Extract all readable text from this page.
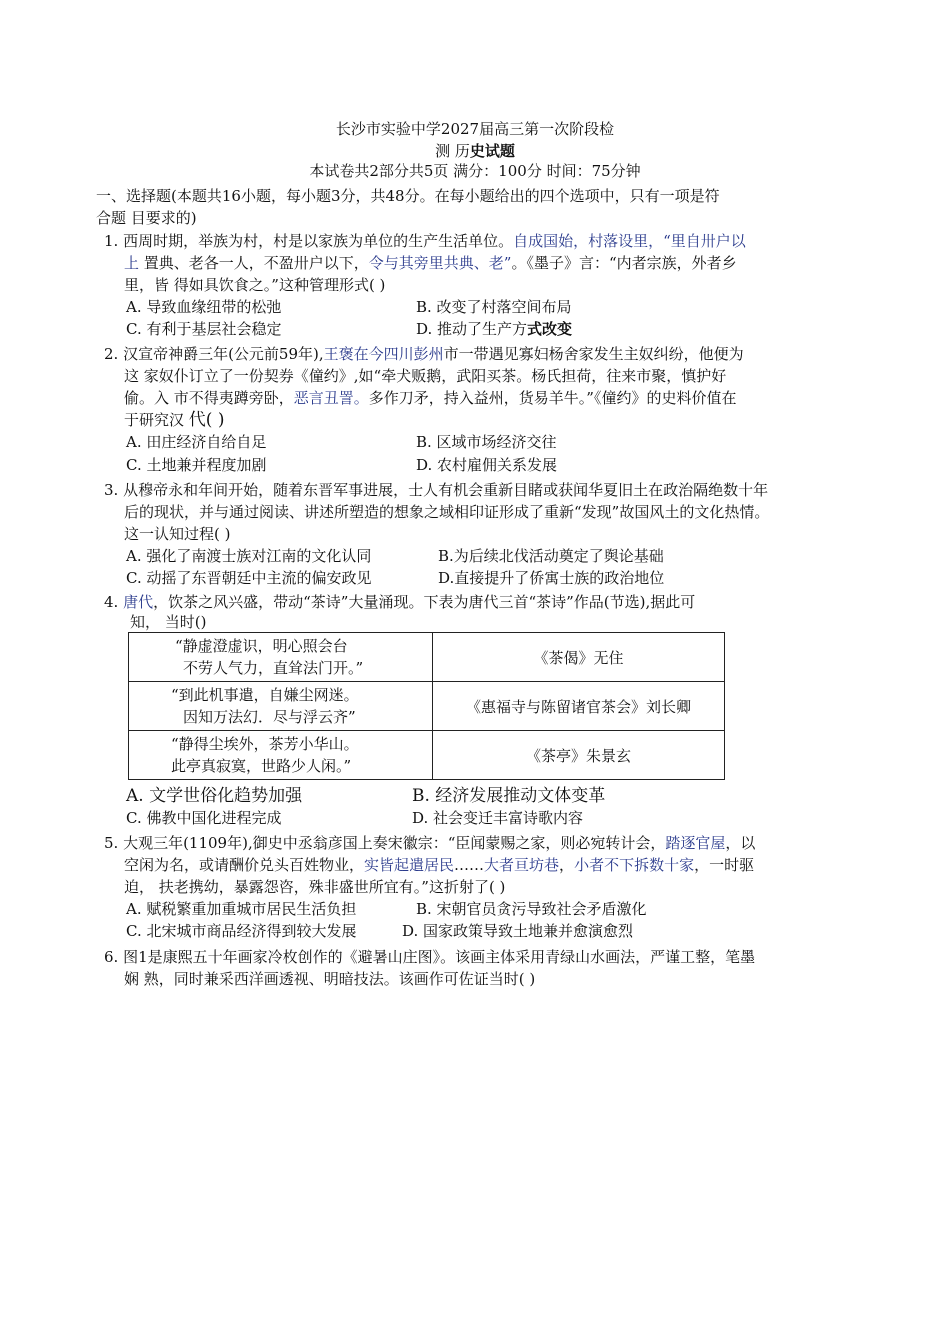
长沙市实验中学2027届高三第一次阶段检
测 历史试题
本试卷共2部分共5页 满分：100分 时间：75分钟
一、选择题(本题共16小题，每小题3分，共48分。在每小题给出的四个选项中，只有一项是符
合题 目要求的)
1. 西周时期，举族为村，村是以家族为单位的生产生活单位。自成国始，村落设里，“里自卅户以
上 置典、老各一人，不盈卅户以下，令与其旁里共典、老”。《墨子》言：“内者宗族，外者乡
里，皆 得如具饮食之。”这种管理形式( )
A. 导致血缘纽带的松弛	B. 改变了村落空间布局
C. 有利于基层社会稳定	D. 推动了生产方式改变
2. 汉宣帝神爵三年(公元前59年),王褒在今四川彭州市一带遇见寡妇杨舍家发生主奴纠纷，他便为
这 家奴仆订立了一份契券《僮约》,如“牵犬贩鹅，武阳买茶。杨氏担荷，往来市聚，慎护好
偷。入 市不得夷蹲旁卧，恶言丑詈。多作刀矛，持入益州，货易羊牛。”《僮约》的史料价值在
于研究汉 代( )
A. 田庄经济自给自足	B. 区域市场经济交往
C. 土地兼并程度加剧	D. 农村雇佣关系发展
3. 从穆帝永和年间开始，随着东晋军事进展，士人有机会重新目睹或获闻华夏旧土在政治隔绝数十年
后的现状，并与通过阅读、讲述所塑造的想象之域相印证形成了重新“发现”故国风土的文化热情。
这一认知过程( )
A. 强化了南渡士族对江南的文化认同	B.为后续北伐活动奠定了舆论基础
C. 动摇了东晋朝廷中主流的偏安政见	D.直接提升了侨寓士族的政治地位
4. 唐代，饮茶之风兴盛，带动“茶诗”大量涌现。下表为唐代三首“茶诗”作品(节选),据此可
知， 当时()
“静虚澄虚识，明心照会台
不劳人气力，直耸法门开。”	《茶偈》无住

“到此机事遣，自嫌尘网迷。
因知万法幻．尽与浮云齐”	《惠福寺与陈留诸官茶会》刘长卿

“静得尘埃外，茶芳小华山。
此亭真寂寞，世路少人闲。”	《茶亭》朱景玄
A. 文学世俗化趋势加强	B. 经济发展推动文体变革
C. 佛教中国化进程完成	D. 社会变迁丰富诗歌内容
5. 大观三年(1109年),御史中丞翁彦国上奏宋徽宗：“臣闻蒙赐之家，则必宛转计会，踏逐官屋，以
空闲为名，或请酬价兑头百姓物业，实皆起遣居民……大者亘坊巷，小者不下拆数十家，一时驱
迫， 扶老携幼，暴露怨咨，殊非盛世所宜有。”这折射了( )
A. 赋税繁重加重城市居民生活负担	B. 宋朝官员贪污导致社会矛盾激化
C. 北宋城市商品经济得到较大发展	D. 国家政策导致土地兼并愈演愈烈
6. 图1是康熙五十年画家冷枚创作的《避暑山庄图》。该画主体采用青绿山水画法，严谨工整，笔墨
娴 熟，同时兼采西洋画透视、明暗技法。该画作可佐证当时( )
